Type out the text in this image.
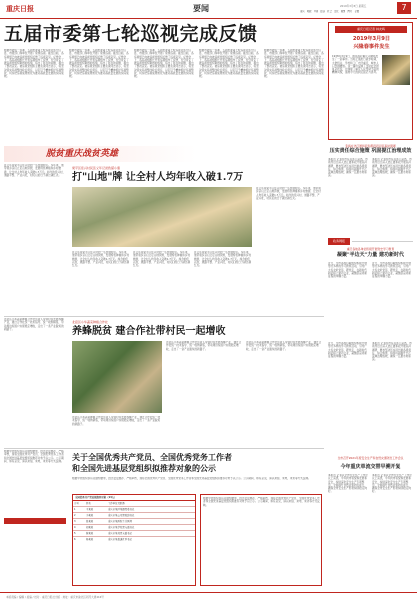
重庆日报	要闻	7
2019年3月8日 星期五
重庆 时政 区县 经济 社会 文化 视频 图片 专题
五届市委第七轮巡视完成反馈
根据市委统一部署，五届市委第七轮巡视对部分区县、市级部门和单位开展了常规巡视。截至目前，各巡视组已向被巡视党组织反馈了巡视意见。反馈会上，各巡视组组长代表巡视组作了反馈，充分肯定了被巡视党组织取得的成绩，指出了存在的问题，提出了整改意见。被巡视党组织主要负责同志表示，将坚决落实巡视整改政治责任，以钉钉子精神抓好巡视整改，切实把巡视成果转化为推动高质量发展的实际成效。
根据市委统一部署，五届市委第七轮巡视对部分区县、市级部门和单位开展了常规巡视。截至目前，各巡视组已向被巡视党组织反馈了巡视意见。反馈会上，各巡视组组长代表巡视组作了反馈，充分肯定了被巡视党组织取得的成绩，指出了存在的问题，提出了整改意见。被巡视党组织主要负责同志表示，将坚决落实巡视整改政治责任，以钉钉子精神抓好巡视整改，切实把巡视成果转化为推动高质量发展的实际成效。
根据市委统一部署，五届市委第七轮巡视对部分区县、市级部门和单位开展了常规巡视。截至目前，各巡视组已向被巡视党组织反馈了巡视意见。反馈会上，各巡视组组长代表巡视组作了反馈，充分肯定了被巡视党组织取得的成绩，指出了存在的问题，提出了整改意见。被巡视党组织主要负责同志表示，将坚决落实巡视整改政治责任，以钉钉子精神抓好巡视整改，切实把巡视成果转化为推动高质量发展的实际成效。
根据市委统一部署，五届市委第七轮巡视对部分区县、市级部门和单位开展了常规巡视。截至目前，各巡视组已向被巡视党组织反馈了巡视意见。反馈会上，各巡视组组长代表巡视组作了反馈，充分肯定了被巡视党组织取得的成绩，指出了存在的问题，提出了整改意见。被巡视党组织主要负责同志表示，将坚决落实巡视整改政治责任，以钉钉子精神抓好巡视整改，切实把巡视成果转化为推动高质量发展的实际成效。
根据市委统一部署，五届市委第七轮巡视对部分区县、市级部门和单位开展了常规巡视。截至目前，各巡视组已向被巡视党组织反馈了巡视意见。反馈会上，各巡视组组长代表巡视组作了反馈，充分肯定了被巡视党组织取得的成绩，指出了存在的问题，提出了整改意见。被巡视党组织主要负责同志表示，将坚决落实巡视整改政治责任，以钉钉子精神抓好巡视整改，切实把巡视成果转化为推动高质量发展的实际成效。
重庆日报记者 林友鸣
2019年3月9日
兴隆春事件发生
1938年3月9日，国民政府重庆兴隆场发生了一起事件。当时正值抗日战争时期，大批机关、学校和工厂内迁重庆，城市人口急剧增加。这一事件反映了当时社会的复杂状况，也体现了重庆人民坚韧不屈的精神风貌，值得今天的我们铭记与思考。
张鸣在涪江渡和段和用段段河巡查时强调
压实责任综合施策 巩固提江治理成效
本报讯 记者在市有关部门获悉，市领导近日深入涪江渡和段开展巡河调研，要求坚决压实河长制各级责任，综合施策，持续巩固提升长江流域治理成效，确保一江碧水向东流。
本报讯 记者在市有关部门获悉，市领导近日深入涪江渡和段开展巡河调研，要求坚决压实河长制各级责任，综合施策，持续巩固提升长江流域治理成效，确保一江碧水向东流。
脱贫重庆战贫英雄
张义年是梁平区佳兴村的一名普通村民。多年来，他带领乡亲们立足山地资源，发展特色种植和乡村旅游，让全村人均年收入突破1.7万元。如今的佳兴村，道路平整、产业兴旺，村民们的日子越过越红火。
梁平区佳兴村民张义年记录致富小康
打"山地"牌 让全村人均年收入破1.7万
张义年是梁平区佳兴村的一名普通村民。多年来，他带领乡亲们立足山地资源，发展特色种植和乡村旅游，让全村人均年收入突破1.7万元。如今的佳兴村，道路平整、产业兴旺，村民们的日子越过越红火。
张义年是梁平区佳兴村的一名普通村民。多年来，他带领乡亲们立足山地资源，发展特色种植和乡村旅游，让全村人均年收入突破1.7万元。如今的佳兴村，道路平整、产业兴旺，村民们的日子越过越红火。
张义年是梁平区佳兴村的一名普通村民。多年来，他带领乡亲们立足山地资源，发展特色种植和乡村旅游，让全村人均年收入突破1.7万元。如今的佳兴村，道路平整、产业兴旺，村民们的日子越过越红火。
张义年是梁平区佳兴村的一名普通村民。多年来，他带领乡亲们立足山地资源，发展特色种植和乡村旅游，让全村人均年收入突破1.7万元。如今的佳兴村，道路平整、产业兴旺，村民们的日子越过越红火。
政务网报
重庆各地各单位积极开展党史学习教育
凝聚"半边天"力量 建功新时代
近日，全市各级妇联组织积极开展形式多样的学习教育活动，引导广大妇女听党话、跟党走，在新时代新征程上建功立业，凝聚起奋进新征程的巾帼力量。
近日，全市各级妇联组织积极开展形式多样的学习教育活动，引导广大妇女听党话、跟党走，在新时代新征程上建功立业，凝聚起奋进新征程的巾帼力量。
北碚区小华蔬菜种植合作社负责人带领村民发展养蜂产业，通过合作社统一技术指导、统一收购销售，带动周边贫困户实现稳定增收，走出了一条产业脱贫的新路子。
北碚区小华蔬菜种植合作社
养蜂脱贫 建合作社带村民一起增收
北碚区小华蔬菜种植合作社负责人带领村民发展养蜂产业，通过合作社统一技术指导、统一收购销售，带动周边贫困户实现稳定增收，走出了一条产业脱贫的新路子。
北碚区小华蔬菜种植合作社负责人带领村民发展养蜂产业，通过合作社统一技术指导、统一收购销售，带动周边贫困户实现稳定增收，走出了一条产业脱贫的新路子。
北碚区小华蔬菜种植合作社负责人带领村民发展养蜂产业，通过合作社统一技术指导、统一收购销售，带动周边贫困户实现稳定增收，走出了一条产业脱贫的新路子。
近日，全市各级妇联组织积极开展形式多样的学习教育活动，引导广大妇女听党话、跟党走，在新时代新征程上建功立业，凝聚起奋进新征程的巾帼力量。
本报讯 记者在市有关部门获悉，市领导近日深入涪江渡和段开展巡河调研，要求坚决压实河长制各级责任，综合施策，持续巩固提升长江流域治理成效，确保一江碧水向东流。
全市召开2021年度安全生产和自然灾害防治工作会议
今年重庆单流交替早溯开复
本报讯 记者从全市安全生产工作会议上获悉，今年我市将统筹发展和安全，持续深化安全生产专项整治，全面提升自然灾害防治能力，确保全市安全生产形势持续稳定向好。
本报讯 记者从全市安全生产工作会议上获悉，今年我市将统筹发展和安全，持续深化安全生产专项整治，全面提升自然灾害防治能力，确保全市安全生产形势持续稳定向好。
根据中央组织部有关通知要求，经过层层推荐、严格审核，现将全国优秀共产党员、全国优秀党务工作者和全国先进基层党组织拟推荐对象予以公示。公示期间，如有意见，请以来信、来电、来访等方式反映。 关于全国优秀共产党员、全国优秀党务工作者
和全国先进基层党组织拟推荐对象的公示
根据中央组织部有关通知要求，经过层层推荐、严格审核，现将全国优秀共产党员、全国优秀党务工作者和全国先进基层党组织拟推荐对象予以公示。公示期间，如有意见，请以来信、来电、来访等方式反映。
全国优秀共产党员拟推荐对象（14人）
序号	姓名	工作单位及职务
1	王某某	重庆市某区某镇党委书记
2	李某某	重庆市某公司党委副书记
3	张某某	重庆市某医院主任医师
4	刘某某	重庆市某学校党支部书记
5	陈某某	重庆市某村党支部书记
6	杨某某	重庆市某街道社区书记
根据中央组织部有关通知要求，经过层层推荐、严格审核，现将全国优秀共产党员、全国优秀党务工作者和全国先进基层党组织拟推荐对象予以公示。公示期间，如有意见，请以来信、来电、来访等方式反映。
本版责编 / 编辑 / 美编 / 校对 · 重庆日报社出版 · 地址：重庆市渝北区同茂大道416号
